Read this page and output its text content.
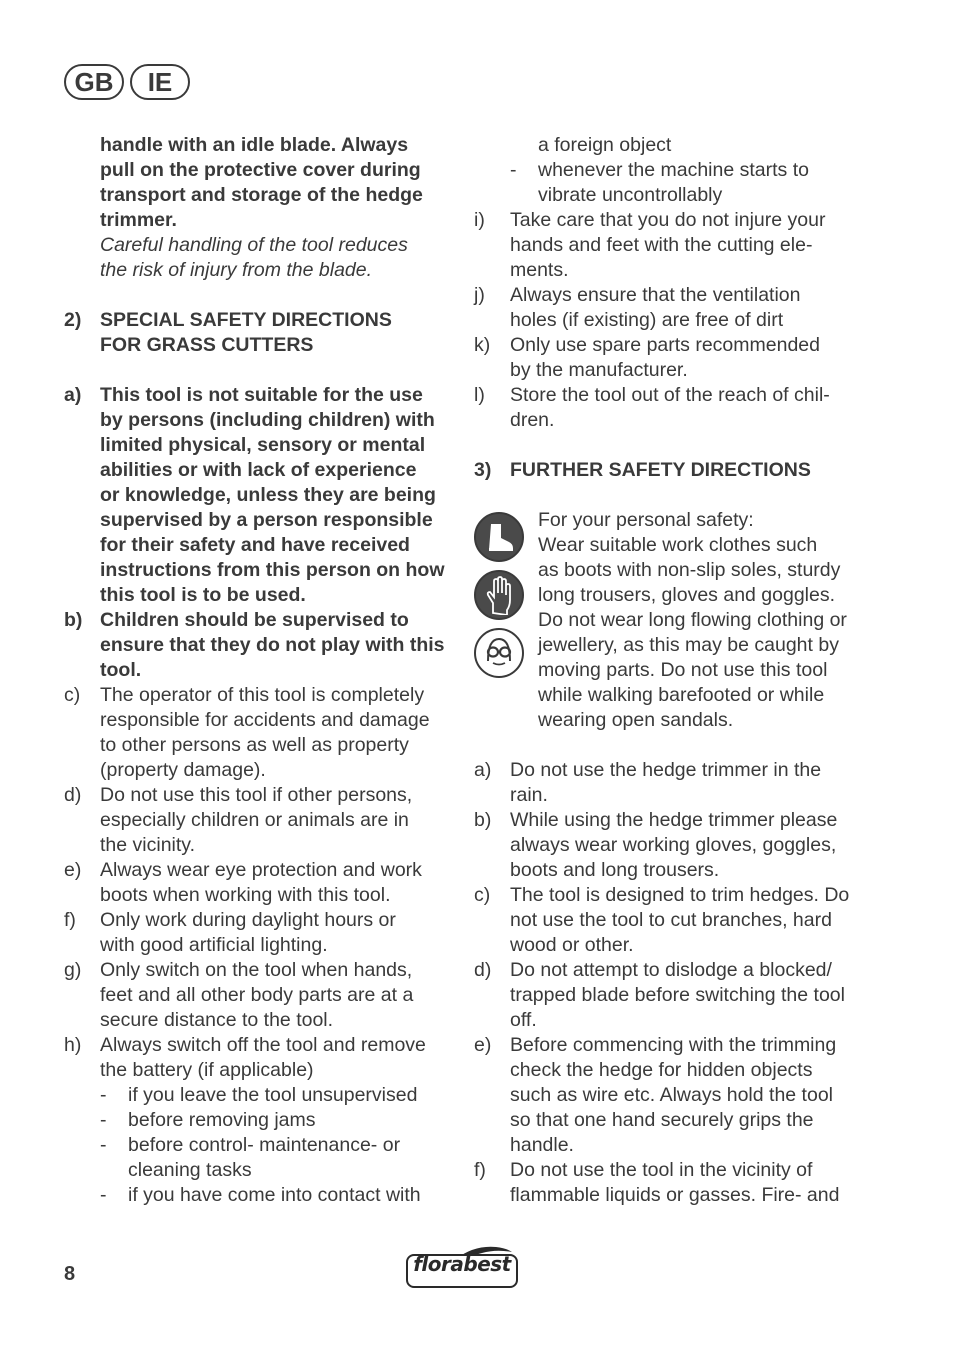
GB	IE
handle with an idle blade. Always
pull on the protective cover during
transport and storage of the hedge
trimmer.
Careful handling of the tool reduces
the risk of injury from the blade.
2) SPECIAL SAFETY DIRECTIONS
FOR GRASS CUTTERS
a) This tool is not suitable for the use
by persons (including children) with
limited physical, sensory or mental
abilities or with lack of experience
or knowledge, unless they are being
supervised by a person responsible
for their safety and have received
instructions from this person on how
this tool is to be used.
b) Children should be supervised to
ensure that they do not play with this
tool.
c) The operator of this tool is completely
responsible for accidents and damage
to other persons as well as property
(property damage).
d) Do not use this tool if other persons,
especially children or animals are in
the vicinity.
e) Always wear eye protection and work
boots when working with this tool.
f) Only work during daylight hours or
with good artificial lighting.
g) Only switch on the tool when hands,
feet and all other body parts are at a
secure distance to the tool.
h) Always switch off the tool and remove
the battery (if applicable)
- if you leave the tool unsupervised
- before removing jams
- before control- maintenance- or
cleaning tasks
- if you have come into contact with
a foreign object
- whenever the machine starts to
vibrate uncontrollably
i) Take care that you do not injure your
hands and feet with the cutting ele-
ments.
j) Always ensure that the ventilation
holes (if existing) are free of dirt
k) Only use spare parts recommended
by the manufacturer.
l) Store the tool out of the reach of chil-
dren.
3) FURTHER SAFETY DIRECTIONS
For your personal safety:
Wear suitable work clothes such
as boots with non-slip soles, sturdy
long trousers, gloves and goggles.
Do not wear long flowing clothing or
jewellery, as this may be caught by
moving parts. Do not use this tool
while walking barefooted or while
wearing open sandals.
a) Do not use the hedge trimmer in the
rain.
b) While using the hedge trimmer please
always wear working gloves, goggles,
boots and long trousers.
c) The tool is designed to trim hedges. Do
not use the tool to cut branches, hard
wood or other.
d) Do not attempt to dislodge a blocked/
trapped blade before switching the tool
off.
e) Before commencing with the trimming
check the hedge for hidden objects
such as wire etc. Always hold the tool
so that one hand securely grips the
handle.
f) Do not use the tool in the vicinity of
flammable liquids or gasses. Fire- and
8	florabest
